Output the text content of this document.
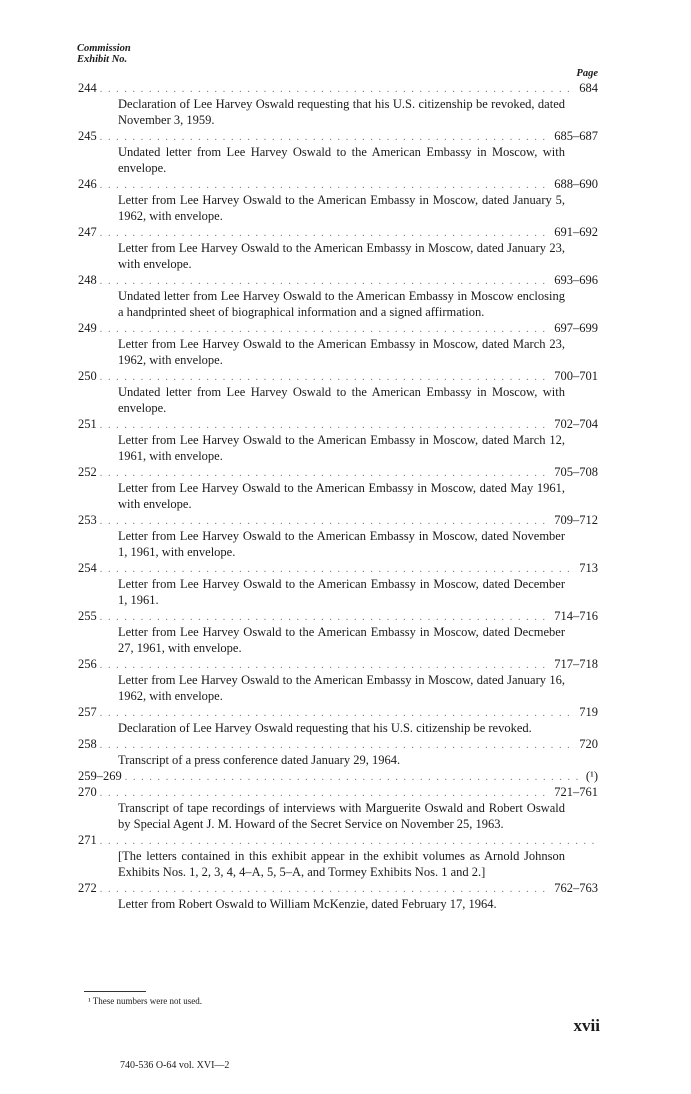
Commission
Exhibit No.
Page
244 . . .	684

Declaration of Lee Harvey Oswald requesting that his U.S. citizenship be revoked, dated November 3, 1959.

245 . . .	685–687

Undated letter from Lee Harvey Oswald to the American Embassy in Moscow, with envelope.

246 . . .	688–690

Letter from Lee Harvey Oswald to the American Embassy in Moscow, dated January 5, 1962, with envelope.

247 . . .	691–692

Letter from Lee Harvey Oswald to the American Embassy in Moscow, dated January 23, with envelope.

248 . . .	693–696

Undated letter from Lee Harvey Oswald to the American Embassy in Moscow enclosing a handprinted sheet of biographical information and a signed affirmation.

249 . . .	697–699

Letter from Lee Harvey Oswald to the American Embassy in Moscow, dated March 23, 1962, with envelope.

250 . . .	700–701

Undated letter from Lee Harvey Oswald to the American Embassy in Moscow, with envelope.

251 . . .	702–704

Letter from Lee Harvey Oswald to the American Embassy in Moscow, dated March 12, 1961, with envelope.

252 . . .	705–708

Letter from Lee Harvey Oswald to the American Embassy in Moscow, dated May 1961, with envelope.

253 . . .	709–712

Letter from Lee Harvey Oswald to the American Embassy in Moscow, dated November 1, 1961, with envelope.

254 . . .	713

Letter from Lee Harvey Oswald to the American Embassy in Moscow, dated December 1, 1961.

255 . . .	714–716

Letter from Lee Harvey Oswald to the American Embassy in Moscow, dated Decmeber 27, 1961, with envelope.

256 . . .	717–718

Letter from Lee Harvey Oswald to the American Embassy in Moscow, dated January 16, 1962, with envelope.

257 . . .	719

Declaration of Lee Harvey Oswald requesting that his U.S. citizenship be revoked.

258 . . .	720

Transcript of a press conference dated January 29, 1964.

259–269 . . .	(¹)
270 . . .	721–761

Transcript of tape recordings of interviews with Marguerite Oswald and Robert Oswald by Special Agent J. M. Howard of the Secret Service on November 25, 1963.

271
. . .

[The letters contained in this exhibit appear in the exhibit volumes as Arnold Johnson Exhibits Nos. 1, 2, 3, 4, 4–A, 5, 5–A, and Tormey Exhibits Nos. 1 and 2.]

272 . . .	762–763

Letter from Robert Oswald to William McKenzie, dated February 17, 1964.

¹ These numbers were not used.
xvii
740-536 O-64 vol. XVI—2
